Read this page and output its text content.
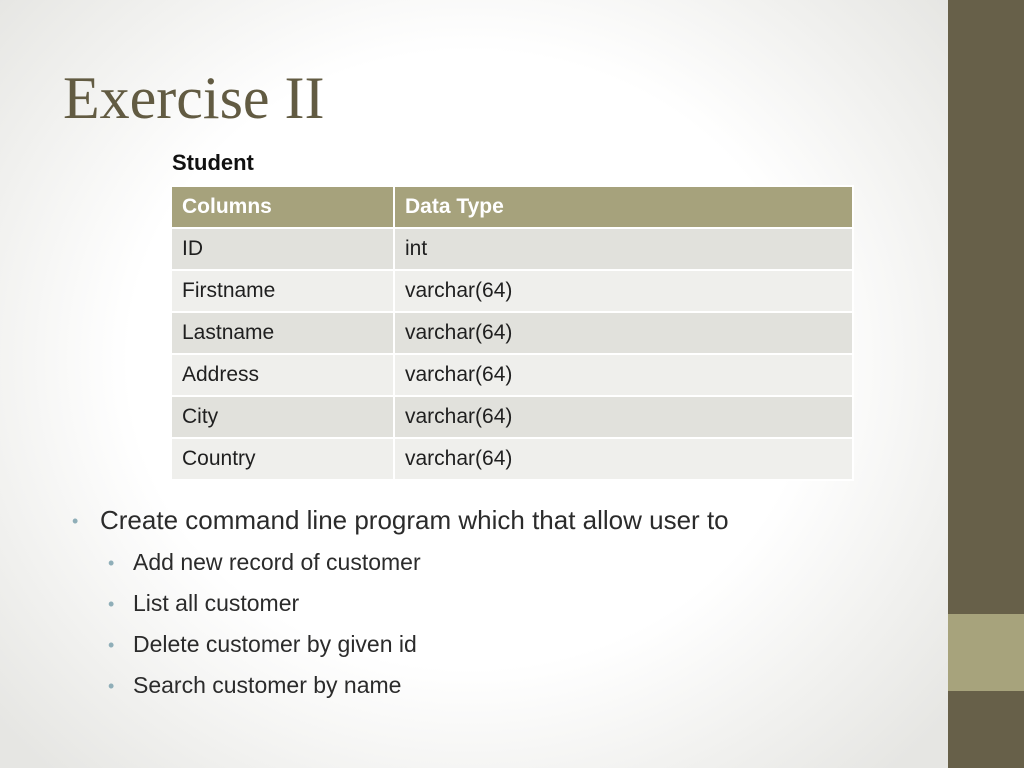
Exercise II
Student
Columns	Data Type
ID	int
Firstname	varchar(64)
Lastname	varchar(64)
Address	varchar(64)
City	varchar(64)
Country	varchar(64)
• Create command line program which that allow user to
• Add new record of customer
• List all customer
• Delete customer by given id
• Search customer by name
